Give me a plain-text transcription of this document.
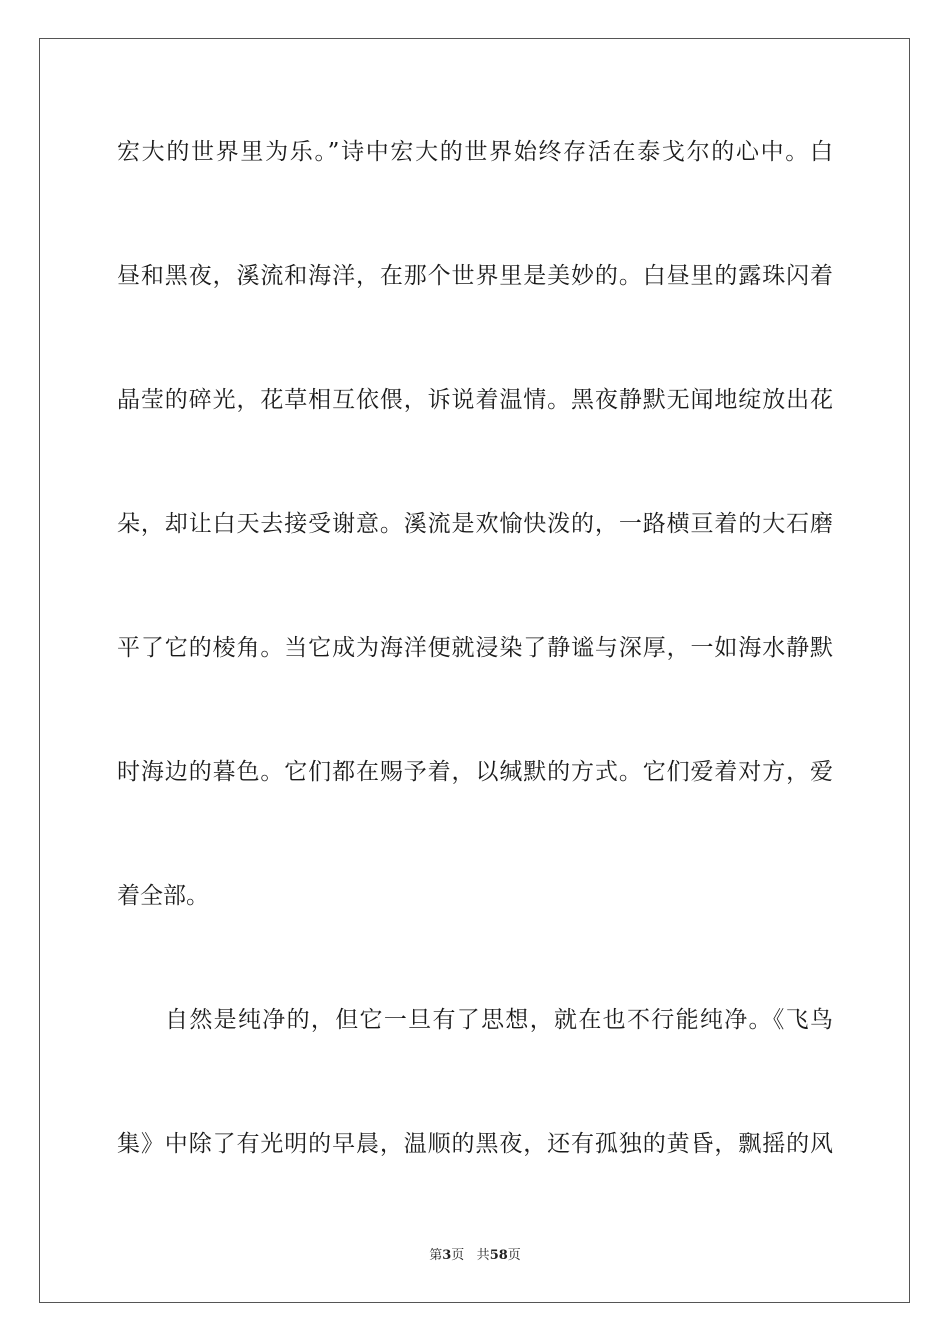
宏大的世界里为乐。”诗中宏大的世界始终存活在泰戈尔的心中。白
昼和黑夜，溪流和海洋，在那个世界里是美妙的。白昼里的露珠闪着
晶莹的碎光，花草相互依偎，诉说着温情。黑夜静默无闻地绽放出花
朵，却让白天去接受谢意。溪流是欢愉快泼的，一路横亘着的大石磨
平了它的棱角。当它成为海洋便就浸染了静谧与深厚，一如海水静默
时海边的暮色。它们都在赐予着，以缄默的方式。它们爱着对方，爱
着全部。
自然是纯净的，但它一旦有了思想，就在也不行能纯净。《飞鸟
集》中除了有光明的早晨，温顺的黑夜，还有孤独的黄昏，飘摇的风
第3页 共58页
